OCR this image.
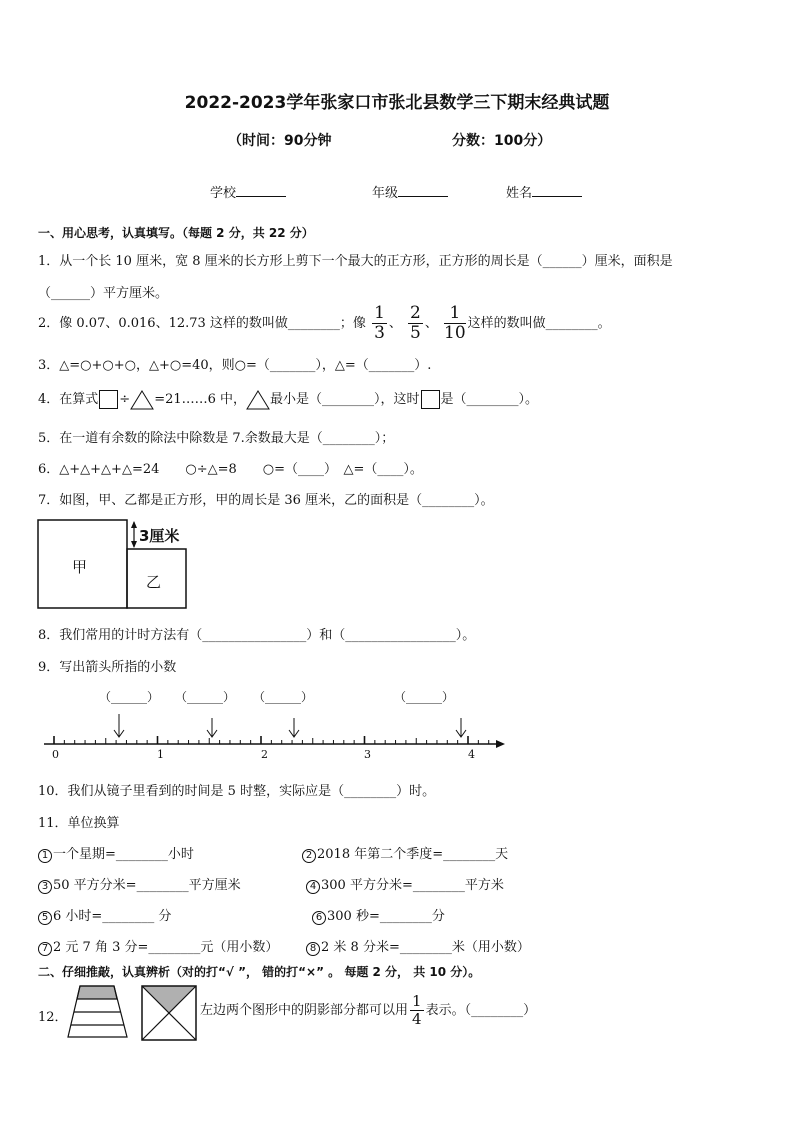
2022-2023学年张家口市张北县数学三下期末经典试题
（时间：90分钟	分数：100分）
学校	年级	姓名
一、用心思考，认真填写。（每题 2 分，共 22 分）
1．从一个长 10 厘米，宽 8 厘米的长方形上剪下一个最大的正方形，正方形的周长是（______）厘米，面积是
（______）平方厘米。
2．像 0.07、0.016、12.73 这样的数叫做________；像 $\frac{1}{3}$ 、 $\frac{2}{5}$ 、 $\frac{1}{10}$ 这样的数叫做________。
3．△=○+○+○，△+○=40，则○=（_______），△=（_______）.
4．在算式 ÷ =21……6 中， 最小是（________），这时 是（________）。
5．在一道有余数的除法中除数是 7.余数最大是（________）；
6．△+△+△+△=24　　○÷△=8　　○=（____）　△=（____）。
7．如图，甲、乙都是正方形，甲的周长是 36 厘米，乙的面积是（________）。
甲
乙
3厘米
8．我们常用的计时方法有（________________）和（_________________）。
9．写出箭头所指的小数
（______） （______） （______）	（______）
0	1	2	3	4
10．我们从镜子里看到的时间是 5 时整，实际应是（________）时。
11．单位换算
1 一个星期=________小时	2 2018 年第二个季度=________天
3 50 平方分米=________平方厘米	4 300 平方分米=________平方米
5 6 小时=________ 分	6 300 秒=________分
7 2 元 7 角 3 分=________元（用小数）	8 2 米 8 分米=________米（用小数）
二、仔细推敲，认真辨析（对的打“√ ”， 错的打“×” 。 每题 2 分， 共 10 分）。
12．	左边两个图形中的阴影部分都可以用 $\frac{1}{4}$ 表示。（________）
